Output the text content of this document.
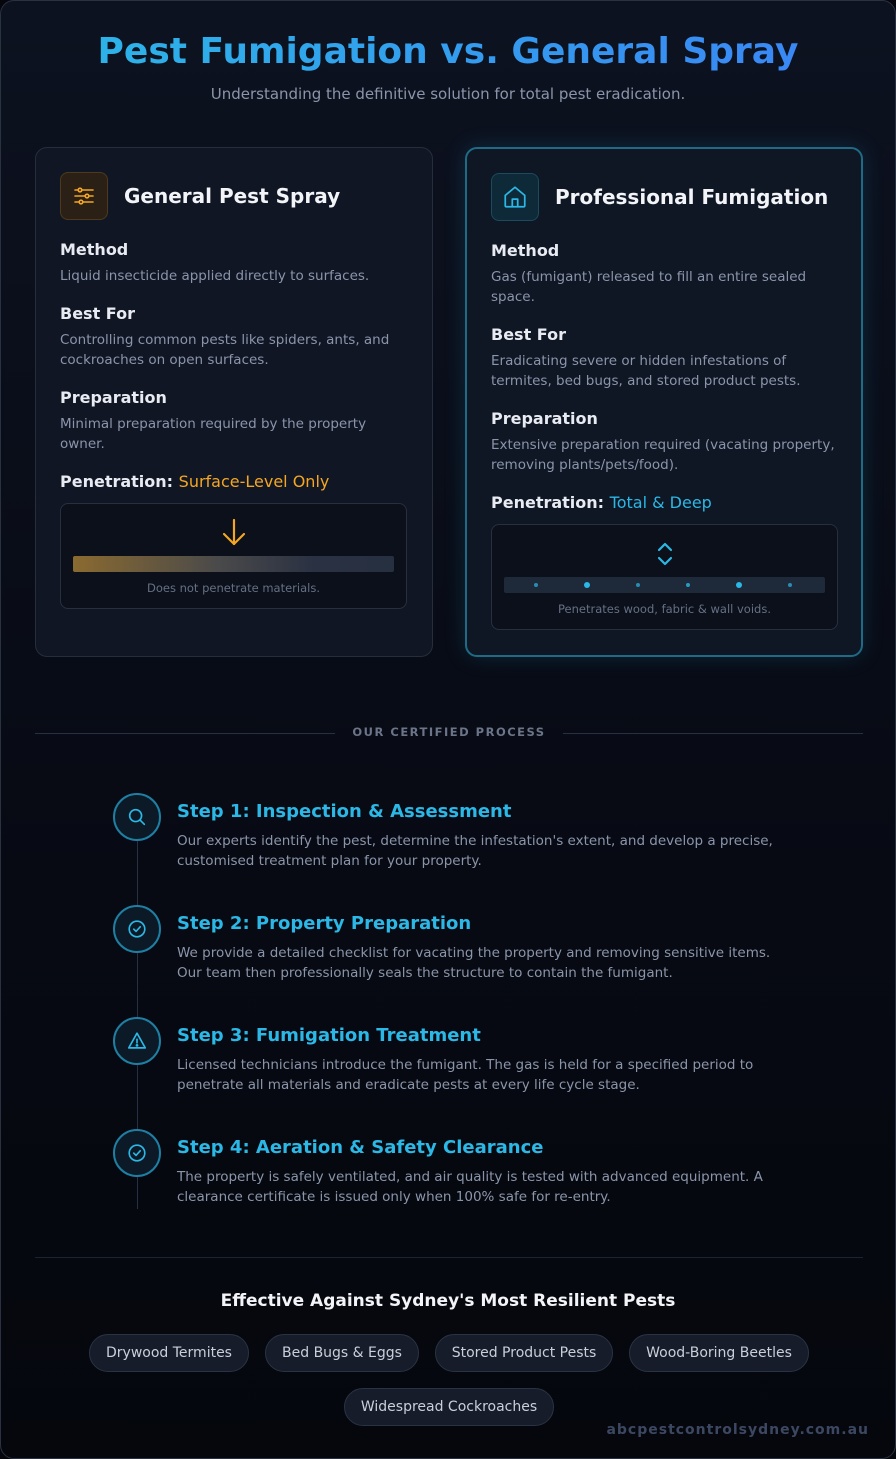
Pest Fumigation vs. General Spray

Understanding the definitive solution for total pest eradication.

General Pest Spray
Method
Liquid insecticide applied directly to surfaces.
Best For
Controlling common pests like spiders, ants, and cockroaches on open surfaces.
Preparation
Minimal preparation required by the property owner.
Penetration: Surface-Level Only
Does not penetrate materials.
Professional Fumigation
Method
Gas (fumigant) released to fill an entire sealed space.
Best For
Eradicating severe or hidden infestations of termites, bed bugs, and stored product pests.
Preparation
Extensive preparation required (vacating property, removing plants/pets/food).
Penetration: Total & Deep
Penetrates wood, fabric & wall voids.
OUR CERTIFIED PROCESS
Step 1: Inspection & Assessment
Our experts identify the pest, determine the infestation's extent, and develop a precise, customised treatment plan for your property.
Step 2: Property Preparation
We provide a detailed checklist for vacating the property and removing sensitive items. Our team then professionally seals the structure to contain the fumigant.
Step 3: Fumigation Treatment
Licensed technicians introduce the fumigant. The gas is held for a specified period to penetrate all materials and eradicate pests at every life cycle stage.
Step 4: Aeration & Safety Clearance
The property is safely ventilated, and air quality is tested with advanced equipment. A clearance certificate is issued only when 100% safe for re-entry.
Effective Against Sydney's Most Resilient Pests
Drywood Termites	Bed Bugs & Eggs	Stored Product Pests	Wood-Boring Beetles
Widespread Cockroaches
abcpestcontrolsydney.com.au
